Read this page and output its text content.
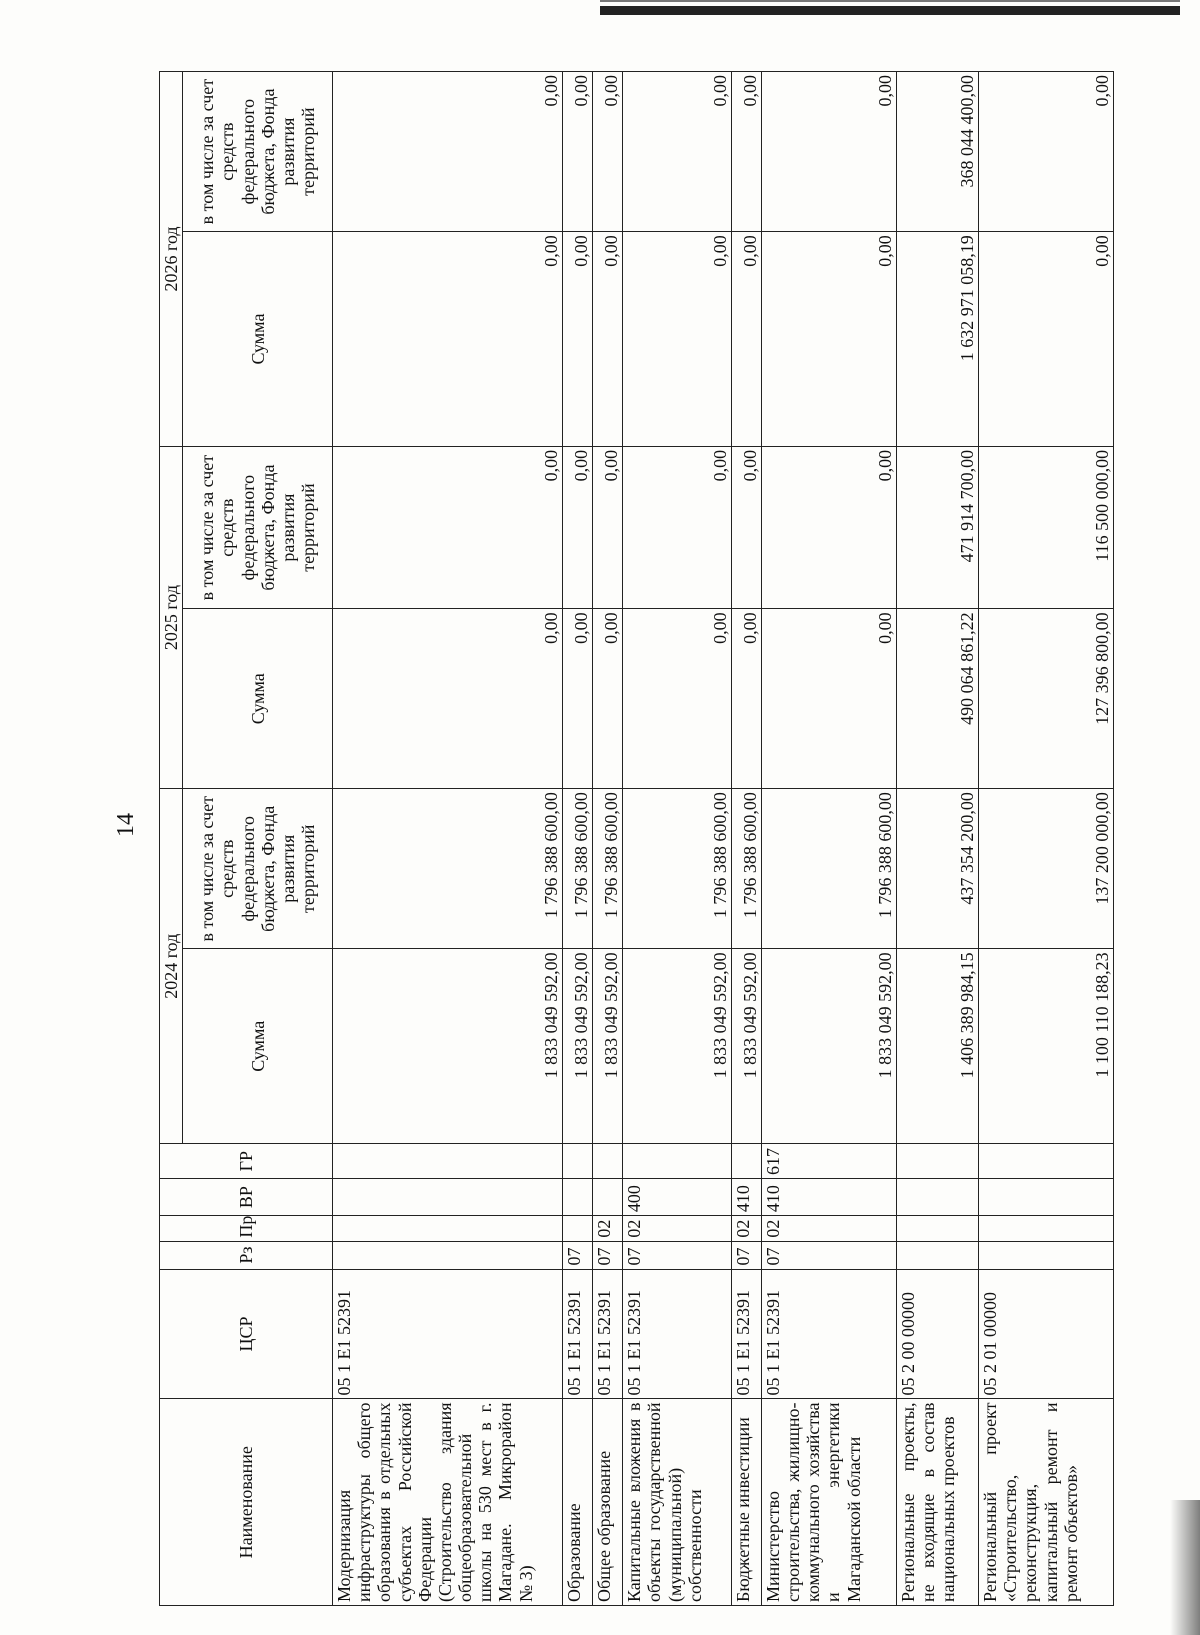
14
Наименование	ЦСР	Рз	Пр	ВР	ГР	2024 год		2025 год		2026 год	
						Сумма	в том числе за счет средств федерального бюджета, Фонда развития территорий	Сумма	в том числе за счет средств федерального бюджета, Фонда развития территорий	Сумма	в том числе за счет средств федерального бюджета, Фонда развития территорий
Модернизация инфраструктуры общего образования в отдельных субъектах Российской Федерации (Строительство здания общеобразовательной школы на 530 мест в г. Магадане. Микрорайон № 3)	05 1 E1 52391					1 833 049 592,00	1 796 388 600,00	0,00	0,00	0,00	0,00
Образование	05 1 E1 52391	07				1 833 049 592,00	1 796 388 600,00	0,00	0,00	0,00	0,00
Общее образование	05 1 E1 52391	07	02			1 833 049 592,00	1 796 388 600,00	0,00	0,00	0,00	0,00
Капитальные вложения в объекты государственной (муниципальной) собственности	05 1 E1 52391	07	02	400		1 833 049 592,00	1 796 388 600,00	0,00	0,00	0,00	0,00
Бюджетные инвестиции	05 1 E1 52391	07	02	410		1 833 049 592,00	1 796 388 600,00	0,00	0,00	0,00	0,00
Министерство строительства, жилищно-коммунального хозяйства и энергетики Магаданской области	05 1 E1 52391	07	02	410	617	1 833 049 592,00	1 796 388 600,00	0,00	0,00	0,00	0,00
Региональные проекты, не входящие в состав национальных проектов	05 2 00 00000					1 406 389 984,15	437 354 200,00	490 064 861,22	471 914 700,00	1 632 971 058,19	368 044 400,00
Региональный проект «Строительство, реконструкция, капитальный ремонт и ремонт объектов»	05 2 01 00000					1 100 110 188,23	137 200 000,00	127 396 800,00	116 500 000,00	0,00	0,00
